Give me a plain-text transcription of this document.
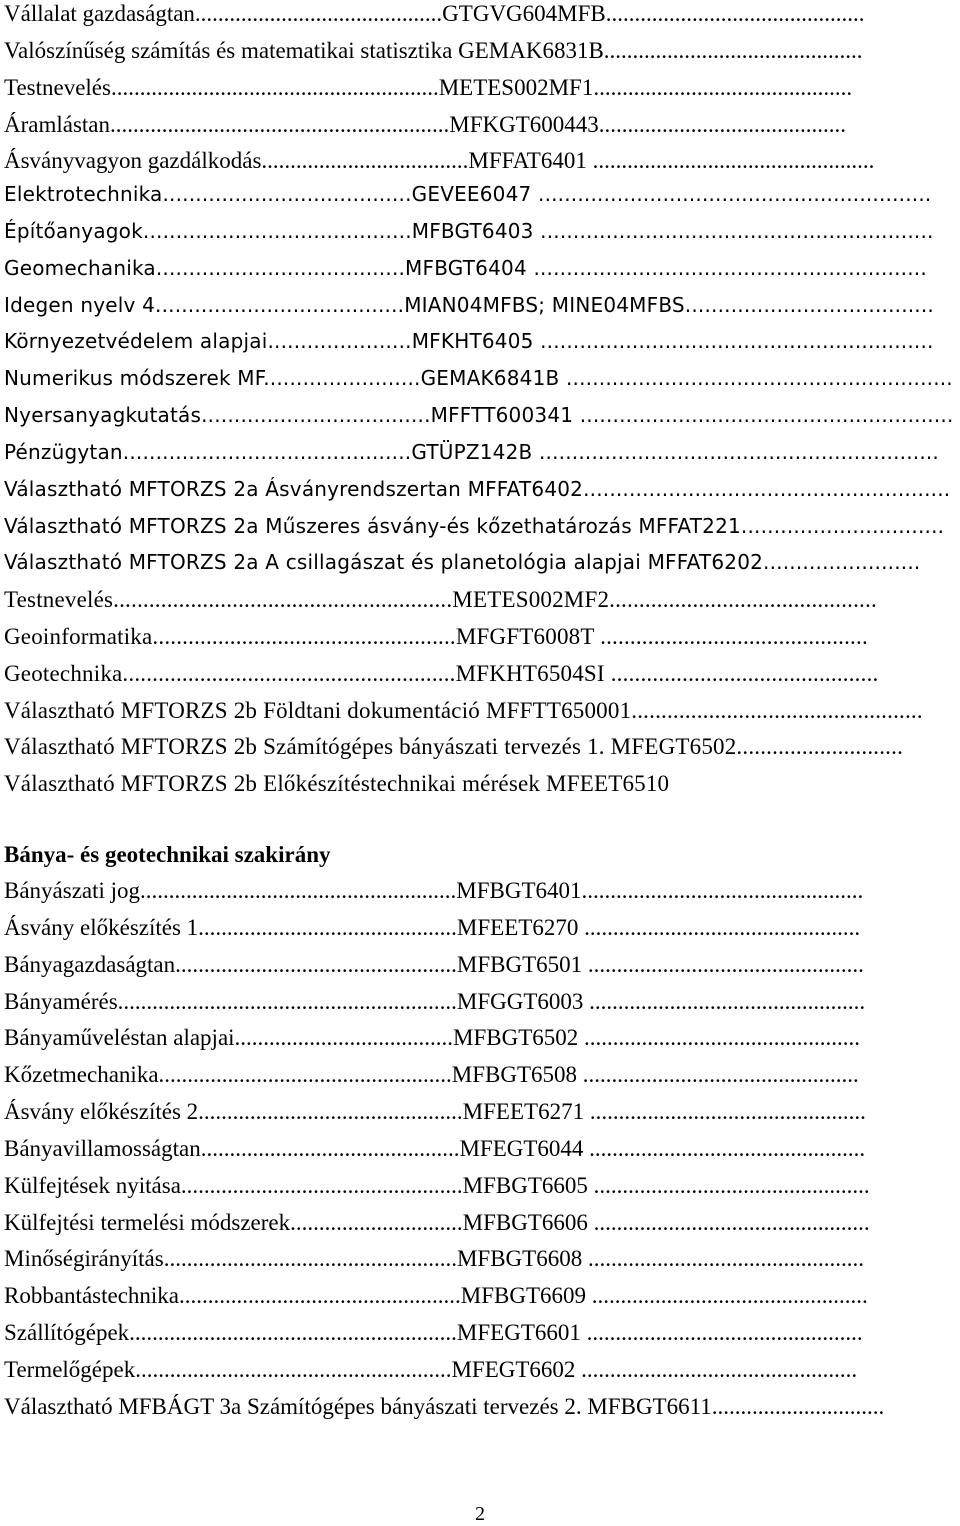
Vállalat gazdaságtan...........................................GTGVG604MFB.............................................
Valószínűség számítás és matematikai statisztika GEMAK6831B.............................................
Testnevelés.........................................................METES002MF1.............................................
Áramlástan...........................................................MFKGT600443...........................................
Ásványvagyon gazdálkodás....................................MFFAT6401 .................................................
Elektrotechnika......................................GEVEE6047 ............................................................
Építőanyagok.........................................MFBGT6403 ............................................................
Geomechanika......................................MFBGT6404 ............................................................
Idegen nyelv 4......................................MIAN04MFBS; MINE04MFBS......................................
Környezetvédelem alapjai......................MFKHT6405 ............................................................
Numerikus módszerek MF........................GEMAK6841B ...........................................................
Nyersanyagkutatás...................................MFFTT600341 .........................................................
Pénzügytan............................................GTÜPZ142B .............................................................
Választható MFTORZS 2a Ásványrendszertan MFFAT6402........................................................
Választható MFTORZS 2a Műszeres ásvány-és kőzethatározás MFFAT221...............................
Választható MFTORZS 2a A csillagászat és planetológia alapjai MFFAT6202........................
Testnevelés.........................................................METES002MF2.............................................
Geoinformatika...................................................MFGFT6008T .............................................
Geotechnika........................................................MFKHT6504SI .............................................
Választható MFTORZS 2b Földtani dokumentáció MFFTT650001.................................................
Választható MFTORZS 2b Számítógépes bányászati tervezés 1. MFEGT6502............................
Választható MFTORZS 2b Előkészítéstechnikai mérések MFEET6510
Bánya- és geotechnikai szakirány
Bányászati jog.......................................................MFBGT6401.................................................
Ásvány előkészítés 1.............................................MFEET6270 ................................................
Bányagazdaságtan.................................................MFBGT6501 ................................................
Bányamérés...........................................................MFGGT6003 ................................................
Bányaműveléstan alapjai......................................MFBGT6502 ................................................
Kőzetmechanika...................................................MFBGT6508 ................................................
Ásvány előkészítés 2..............................................MFEET6271 ................................................
Bányavillamosságtan.............................................MFEGT6044 ................................................
Külfejtések nyitása.................................................MFBGT6605 ................................................
Külfejtési termelési módszerek..............................MFBGT6606 ................................................
Minőségirányítás...................................................MFBGT6608 ................................................
Robbantástechnika.................................................MFBGT6609 ................................................
Szállítógépek.........................................................MFEGT6601 ................................................
Termelőgépek.......................................................MFEGT6602 ................................................
Választható MFBÁGT 3a Számítógépes bányászati tervezés 2. MFBGT6611..............................
2
